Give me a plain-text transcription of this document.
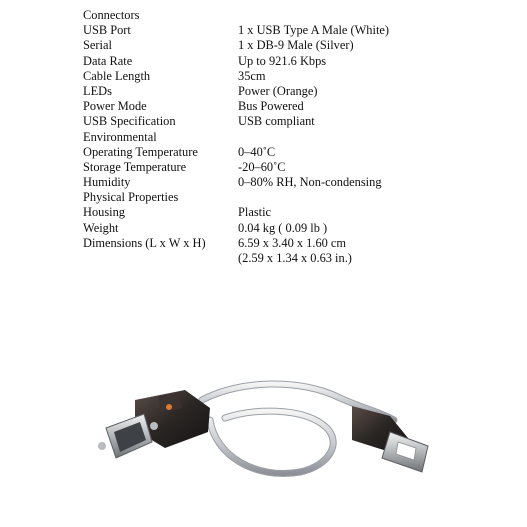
Connectors
USB Port	1 x USB Type A Male (White)
Serial	1 x DB-9 Male (Silver)
Data Rate	Up to 921.6 Kbps
Cable Length	35cm
LEDs	Power (Orange)
Power Mode	Bus Powered
USB Specification	USB compliant
Environmental
Operating Temperature	0–40˚C
Storage Temperature	-20–60˚C
Humidity	0–80% RH, Non-condensing
Physical Properties
Housing	Plastic
Weight	0.04 kg ( 0.09 lb )
Dimensions (L x W x H)	6.59 x 3.40 x 1.60 cm
(2.59 x 1.34 x 0.63 in.)
